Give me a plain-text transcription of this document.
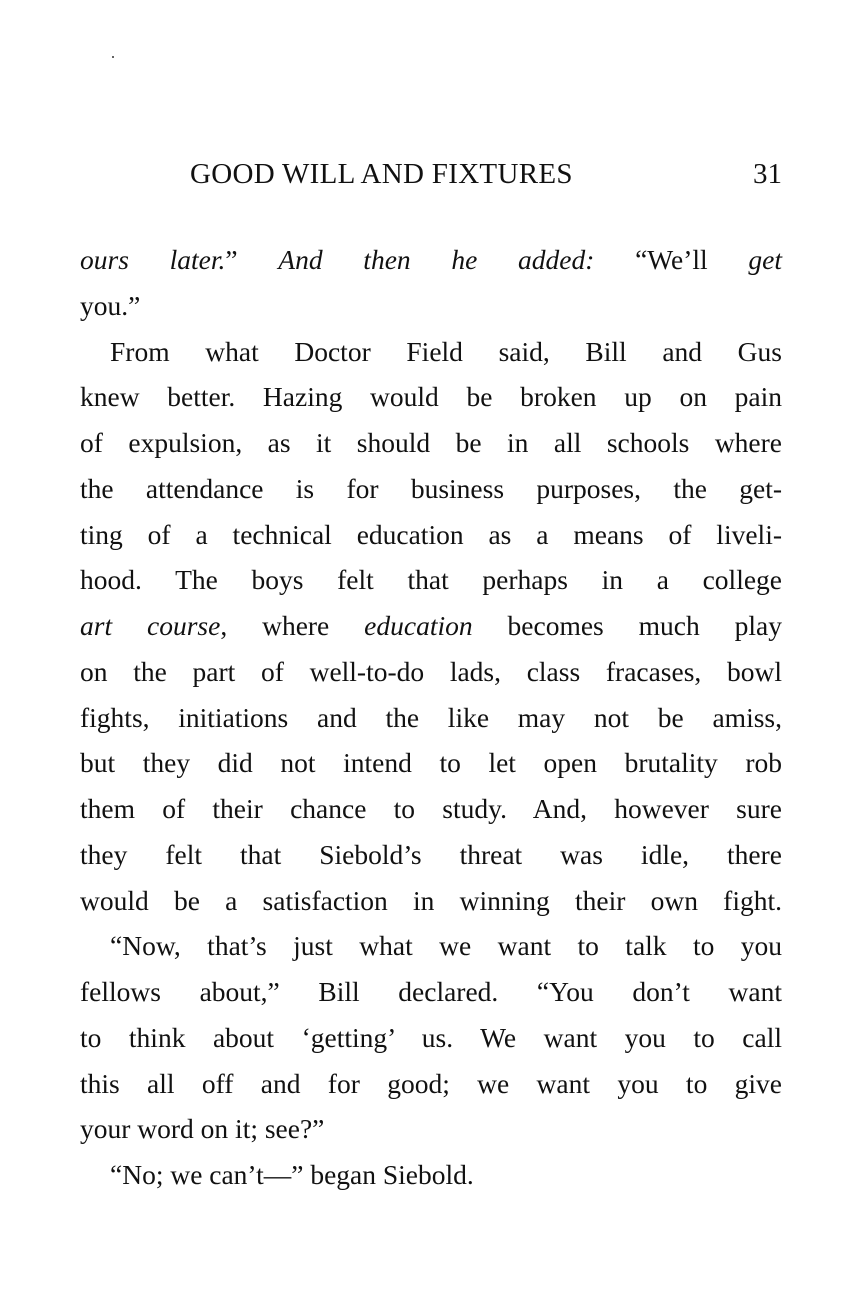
GOOD WILL AND FIXTURES	31
ours later.” And then he added: “We’ll get
you.”
From what Doctor Field said, Bill and Gus
knew better. Hazing would be broken up on pain
of expulsion, as it should be in all schools where
the attendance is for business purposes, the get-
ting of a technical education as a means of liveli-
hood. The boys felt that perhaps in a college
art course, where education becomes much play
on the part of well-to-do lads, class fracases, bowl
fights, initiations and the like may not be amiss,
but they did not intend to let open brutality rob
them of their chance to study. And, however sure
they felt that Siebold’s threat was idle, there
would be a satisfaction in winning their own fight.
“Now, that’s just what we want to talk to you
fellows about,” Bill declared. “You don’t want
to think about ‘getting’ us. We want you to call
this all off and for good; we want you to give
your word on it; see?”
“No; we can’t—” began Siebold.
